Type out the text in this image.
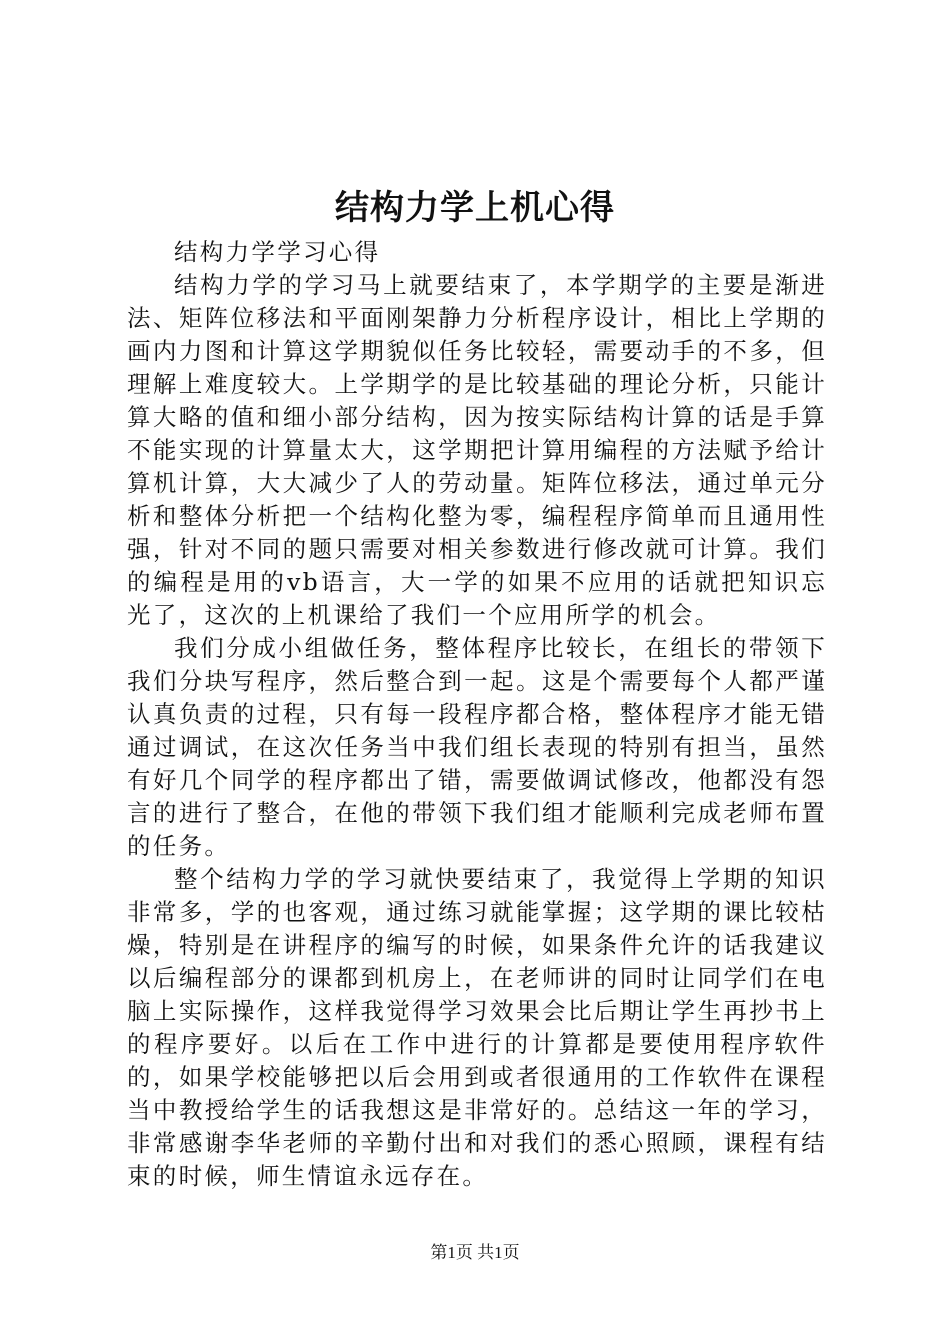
结构力学上机心得

结构力学学习心得

结构力学的学习马上就要结束了，本学期学的主要是渐进法、矩阵位移法和平面刚架静力分析程序设计，相比上学期的画内力图和计算这学期貌似任务比较轻，需要动手的不多，但理解上难度较大。上学期学的是比较基础的理论分析，只能计算大略的值和细小部分结构，因为按实际结构计算的话是手算不能实现的计算量太大，这学期把计算用编程的方法赋予给计算机计算，大大减少了人的劳动量。矩阵位移法，通过单元分析和整体分析把一个结构化整为零，编程程序简单而且通用性强，针对不同的题只需要对相关参数进行修改就可计算。我们的编程是用的vb语言，大一学的如果不应用的话就把知识忘光了，这次的上机课给了我们一个应用所学的机会。

我们分成小组做任务，整体程序比较长，在组长的带领下我们分块写程序，然后整合到一起。这是个需要每个人都严谨认真负责的过程，只有每一段程序都合格，整体程序才能无错通过调试，在这次任务当中我们组长表现的特别有担当，虽然有好几个同学的程序都出了错，需要做调试修改，他都没有怨言的进行了整合，在他的带领下我们组才能顺利完成老师布置的任务。

整个结构力学的学习就快要结束了，我觉得上学期的知识非常多，学的也客观，通过练习就能掌握；这学期的课比较枯燥，特别是在讲程序的编写的时候，如果条件允许的话我建议以后编程部分的课都到机房上，在老师讲的同时让同学们在电脑上实际操作，这样我觉得学习效果会比后期让学生再抄书上的程序要好。以后在工作中进行的计算都是要使用程序软件的，如果学校能够把以后会用到或者很通用的工作软件在课程当中教授给学生的话我想这是非常好的。总结这一年的学习，非常感谢李华老师的辛勤付出和对我们的悉心照顾，课程有结束的时候，师生情谊永远存在。

第1页 共1页
